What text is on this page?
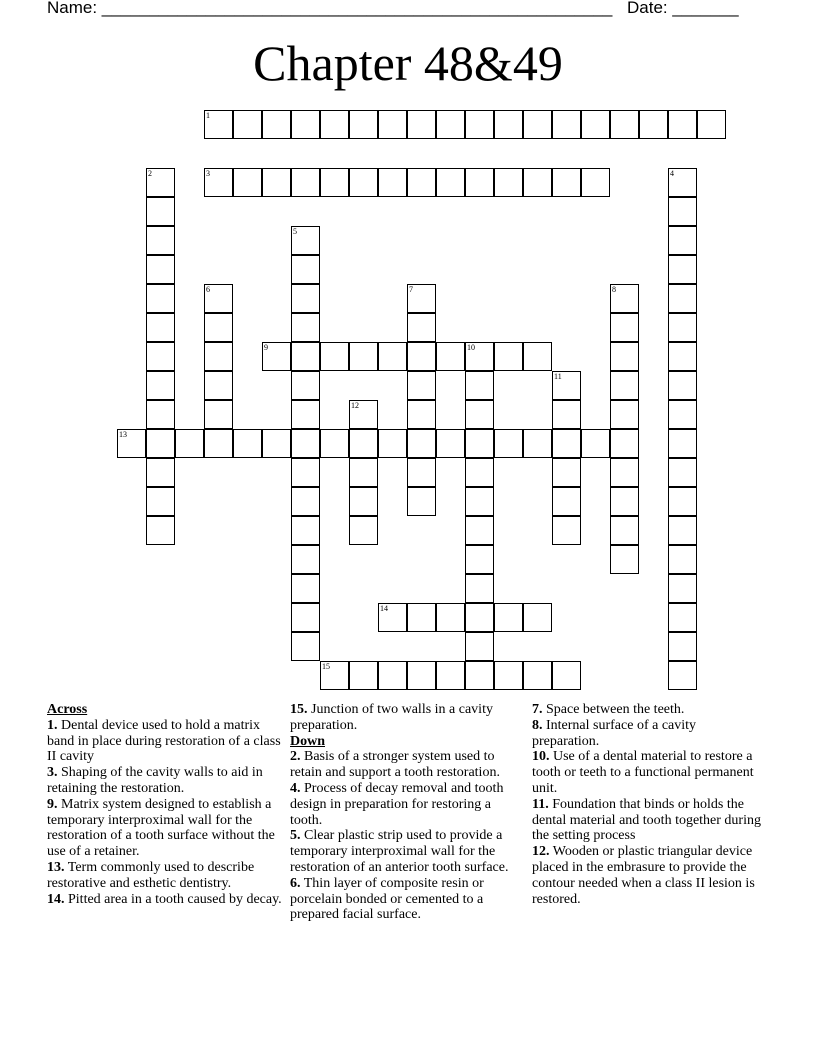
Name: ______________________________________________________ Date: _______
Chapter 48&49
1
3
9	10
13
14
15
2	4
5
6	7	8
11
12
Across
1. Dental device used to hold a matrix band in place during restoration of a class II cavity
3. Shaping of the cavity walls to aid in retaining the restoration.
9. Matrix system designed to establish a temporary interproximal wall for the restoration of a tooth surface without the use of a retainer.
13. Term commonly used to describe restorative and esthetic dentistry.
14. Pitted area in a tooth caused by decay.
15. Junction of two walls in a cavity preparation.
Down
2. Basis of a stronger system used to retain and support a tooth restoration.
4. Process of decay removal and tooth design in preparation for restoring a tooth.
5. Clear plastic strip used to provide a temporary interproximal wall for the restoration of an anterior tooth surface.
6. Thin layer of composite resin or porcelain bonded or cemented to a prepared facial surface.
7. Space between the teeth.
8. Internal surface of a cavity preparation.
10. Use of a dental material to restore a tooth or teeth to a functional permanent unit.
11. Foundation that binds or holds the dental material and tooth together during the setting process
12. Wooden or plastic triangular device placed in the embrasure to provide the contour needed when a class II lesion is restored.
